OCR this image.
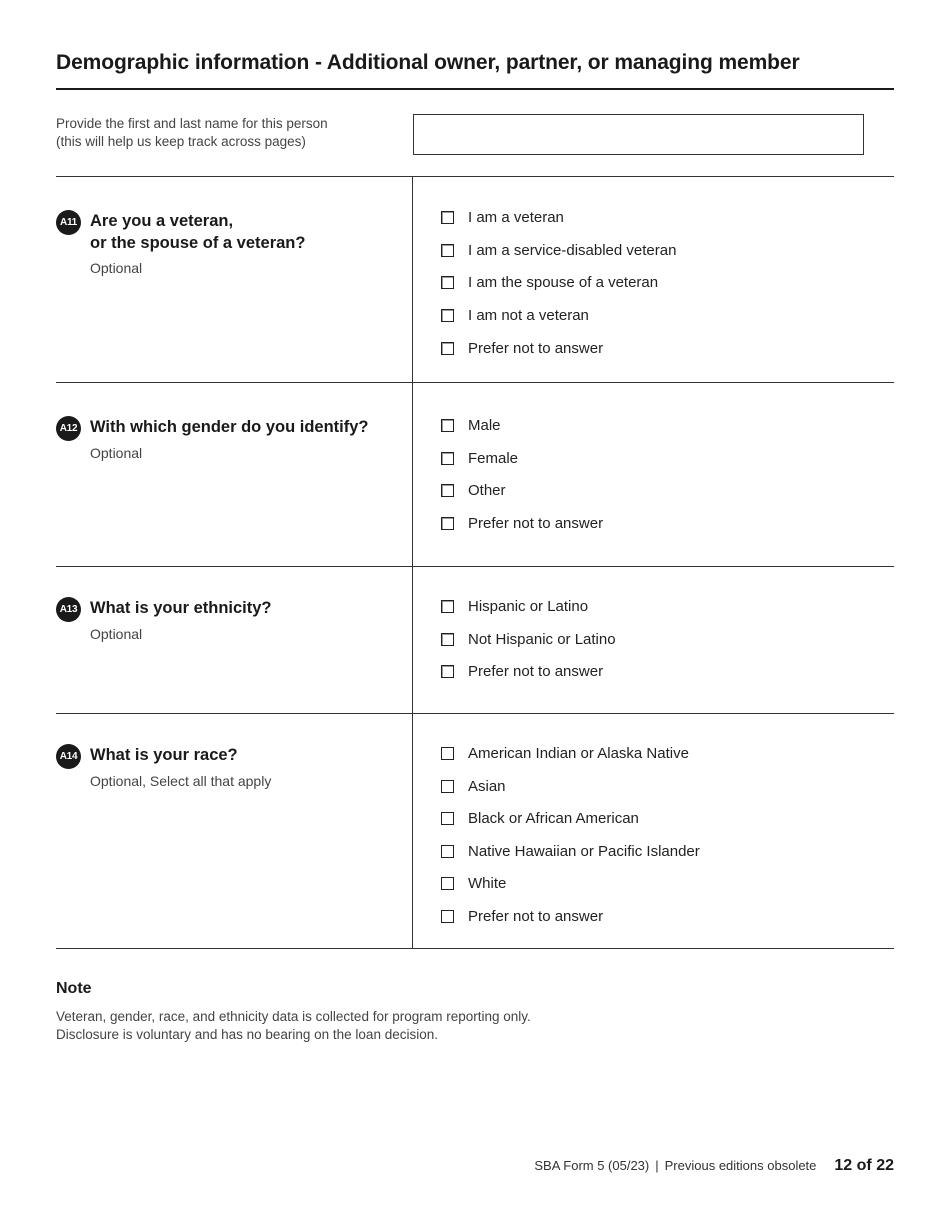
Demographic information - Additional owner, partner, or managing member
Provide the first and last name for this person
(this will help us keep track across pages)
A11 Are you a veteran,
or the spouse of a veteran?
Optional
I am a veteran
I am a service-disabled veteran
I am the spouse of a veteran
I am not a veteran
Prefer not to answer
A12 With which gender do you identify?
Optional
Male
Female
Other
Prefer not to answer
A13 What is your ethnicity?
Optional
Hispanic or Latino
Not Hispanic or Latino
Prefer not to answer
A14 What is your race?
Optional, Select all that apply
American Indian or Alaska Native
Asian
Black or African American
Native Hawaiian or Pacific Islander
White
Prefer not to answer
Note
Veteran, gender, race, and ethnicity data is collected for program reporting only.
Disclosure is voluntary and has no bearing on the loan decision.
SBA Form 5 (05/23) | Previous editions obsolete 12 of 22
